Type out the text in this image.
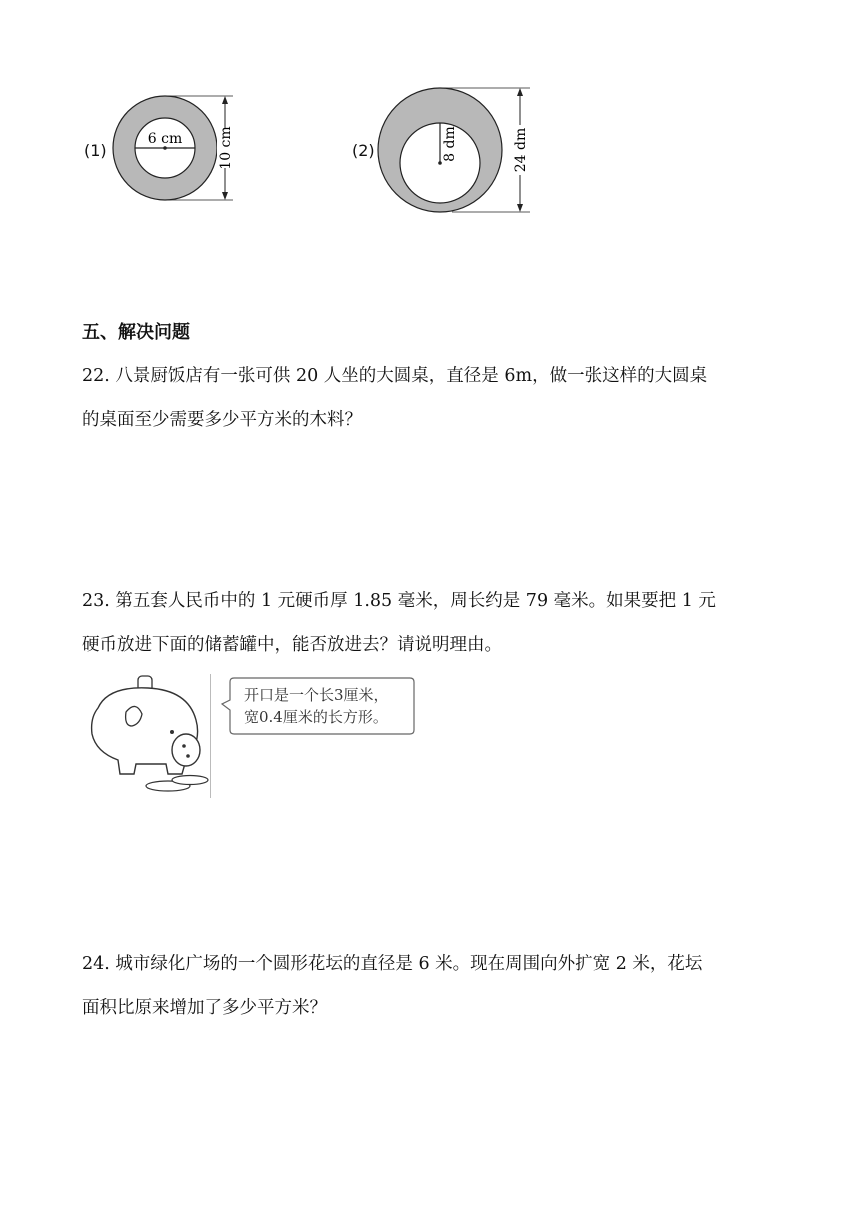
(1)
6 cm	10 cm	(2)	8 dm	24 dm
五、解决问题
22. 八景厨饭店有一张可供 20 人坐的大圆桌，直径是 6m，做一张这样的大圆桌
的桌面至少需要多少平方米的木料？
23. 第五套人民币中的 1 元硬币厚 1.85 毫米，周长约是 79 毫米。如果要把 1 元
硬币放进下面的储蓄罐中，能否放进去？请说明理由。
开口是一个长3厘米，
宽0.4厘米的长方形。
24. 城市绿化广场的一个圆形花坛的直径是 6 米。现在周围向外扩宽 2 米，花坛
面积比原来增加了多少平方米？
